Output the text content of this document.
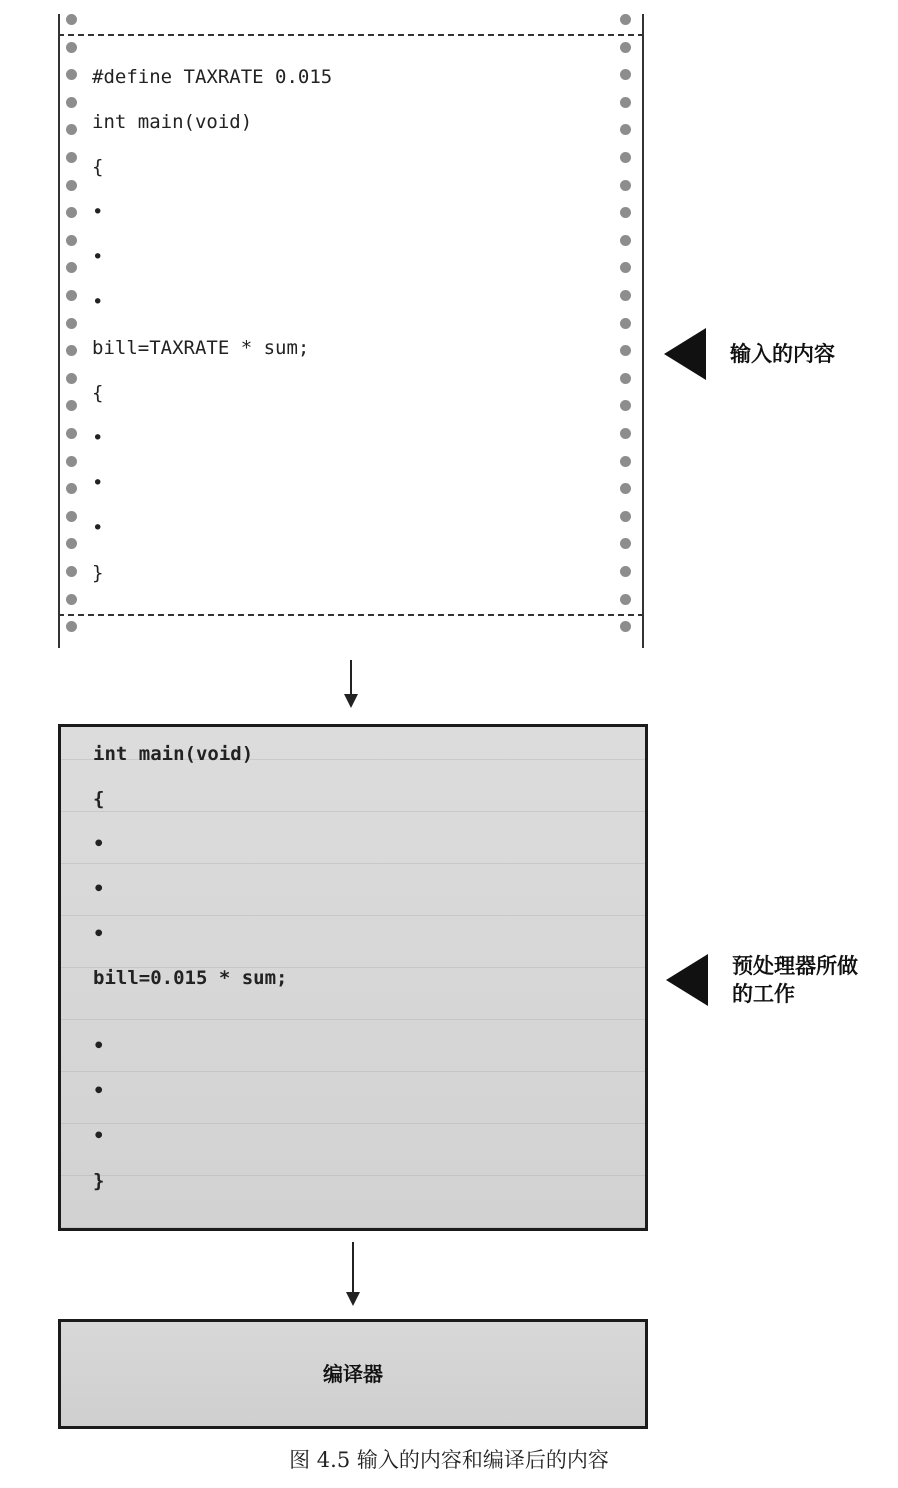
#define TAXRATE 0.015
int main(void)
{
•
•
•
bill=TAXRATE * sum;
{
•
•
•
}
输入的内容
int main(void)
{
•
•
•
bill=0.015 * sum;
•
•
•
}
预处理器所做
的工作
编译器
图 4.5 输入的内容和编译后的内容
